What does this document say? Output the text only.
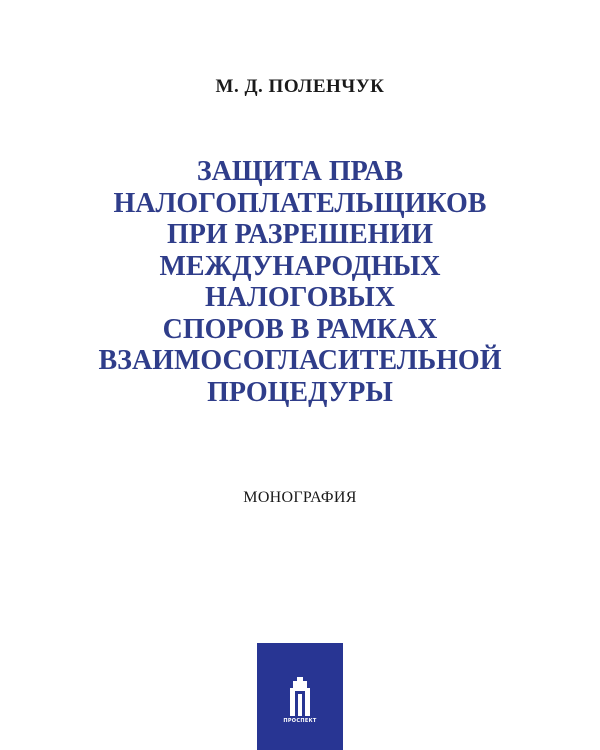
М. Д. ПОЛЕНЧУК
ЗАЩИТА ПРАВ
НАЛОГОПЛАТЕЛЬЩИКОВ
ПРИ РАЗРЕШЕНИИ
МЕЖДУНАРОДНЫХ
НАЛОГОВЫХ
СПОРОВ В РАМКАХ
ВЗАИМОСОГЛАСИТЕЛЬНОЙ
ПРОЦЕДУРЫ
МОНОГРАФИЯ
ПРОСПЕКТ
